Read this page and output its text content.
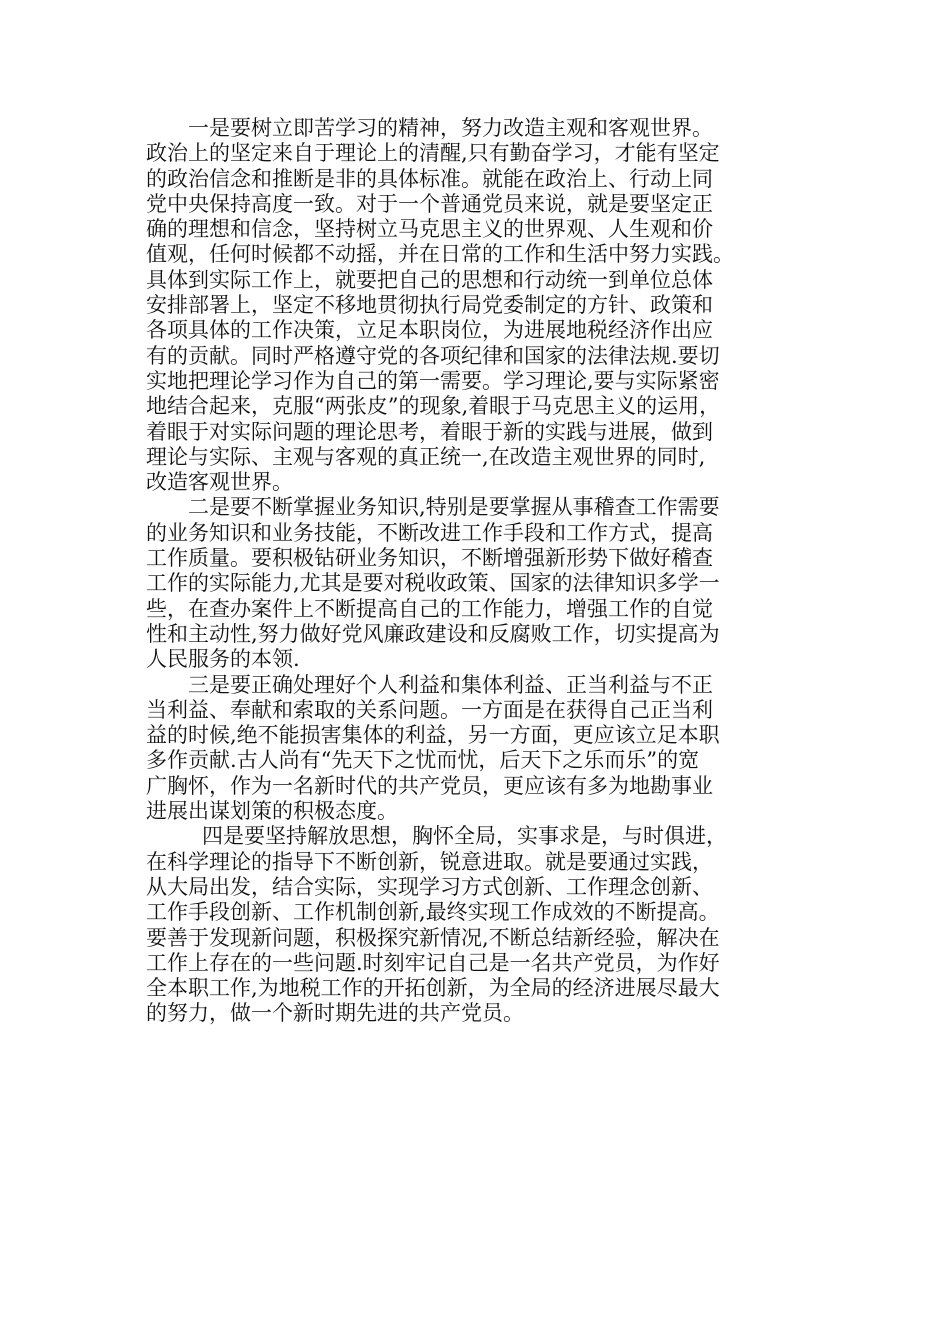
一是要树立即苦学习的精神，努力改造主观和客观世界。
政治上的坚定来自于理论上的清醒,只有勤奋学习，才能有坚定
的政治信念和推断是非的具体标准。就能在政治上、行动上同
党中央保持高度一致。对于一个普通党员来说，就是要坚定正
确的理想和信念，坚持树立马克思主义的世界观、人生观和价
值观，任何时候都不动摇，并在日常的工作和生活中努力实践。
具体到实际工作上，就要把自己的思想和行动统一到单位总体
安排部署上，坚定不移地贯彻执行局党委制定的方针、政策和
各项具体的工作决策，立足本职岗位，为进展地税经济作出应
有的贡献。同时严格遵守党的各项纪律和国家的法律法规.要切
实地把理论学习作为自己的第一需要。学习理论,要与实际紧密
地结合起来，克服“两张皮”的现象,着眼于马克思主义的运用，
着眼于对实际问题的理论思考，着眼于新的实践与进展，做到
理论与实际、主观与客观的真正统一,在改造主观世界的同时,
改造客观世界。
二是要不断掌握业务知识,特别是要掌握从事稽查工作需要
的业务知识和业务技能，不断改进工作手段和工作方式，提高
工作质量。要积极钻研业务知识，不断增强新形势下做好稽查
工作的实际能力,尤其是要对税收政策、国家的法律知识多学一
些，在查办案件上不断提高自己的工作能力，增强工作的自觉
性和主动性,努力做好党风廉政建设和反腐败工作，切实提高为
人民服务的本领.
三是要正确处理好个人利益和集体利益、正当利益与不正
当利益、奉献和索取的关系问题。一方面是在获得自己正当利
益的时候,绝不能损害集体的利益，另一方面，更应该立足本职
多作贡献.古人尚有“先天下之忧而忧，后天下之乐而乐”的宽
广胸怀，作为一名新时代的共产党员，更应该有多为地勘事业
进展出谋划策的积极态度。
四是要坚持解放思想，胸怀全局，实事求是，与时俱进，
在科学理论的指导下不断创新，锐意进取。就是要通过实践，
从大局出发，结合实际，实现学习方式创新、工作理念创新、
工作手段创新、工作机制创新,最终实现工作成效的不断提高。
要善于发现新问题，积极探究新情况,不断总结新经验，解决在
工作上存在的一些问题.时刻牢记自己是一名共产党员，为作好
全本职工作,为地税工作的开拓创新，为全局的经济进展尽最大
的努力，做一个新时期先进的共产党员。
